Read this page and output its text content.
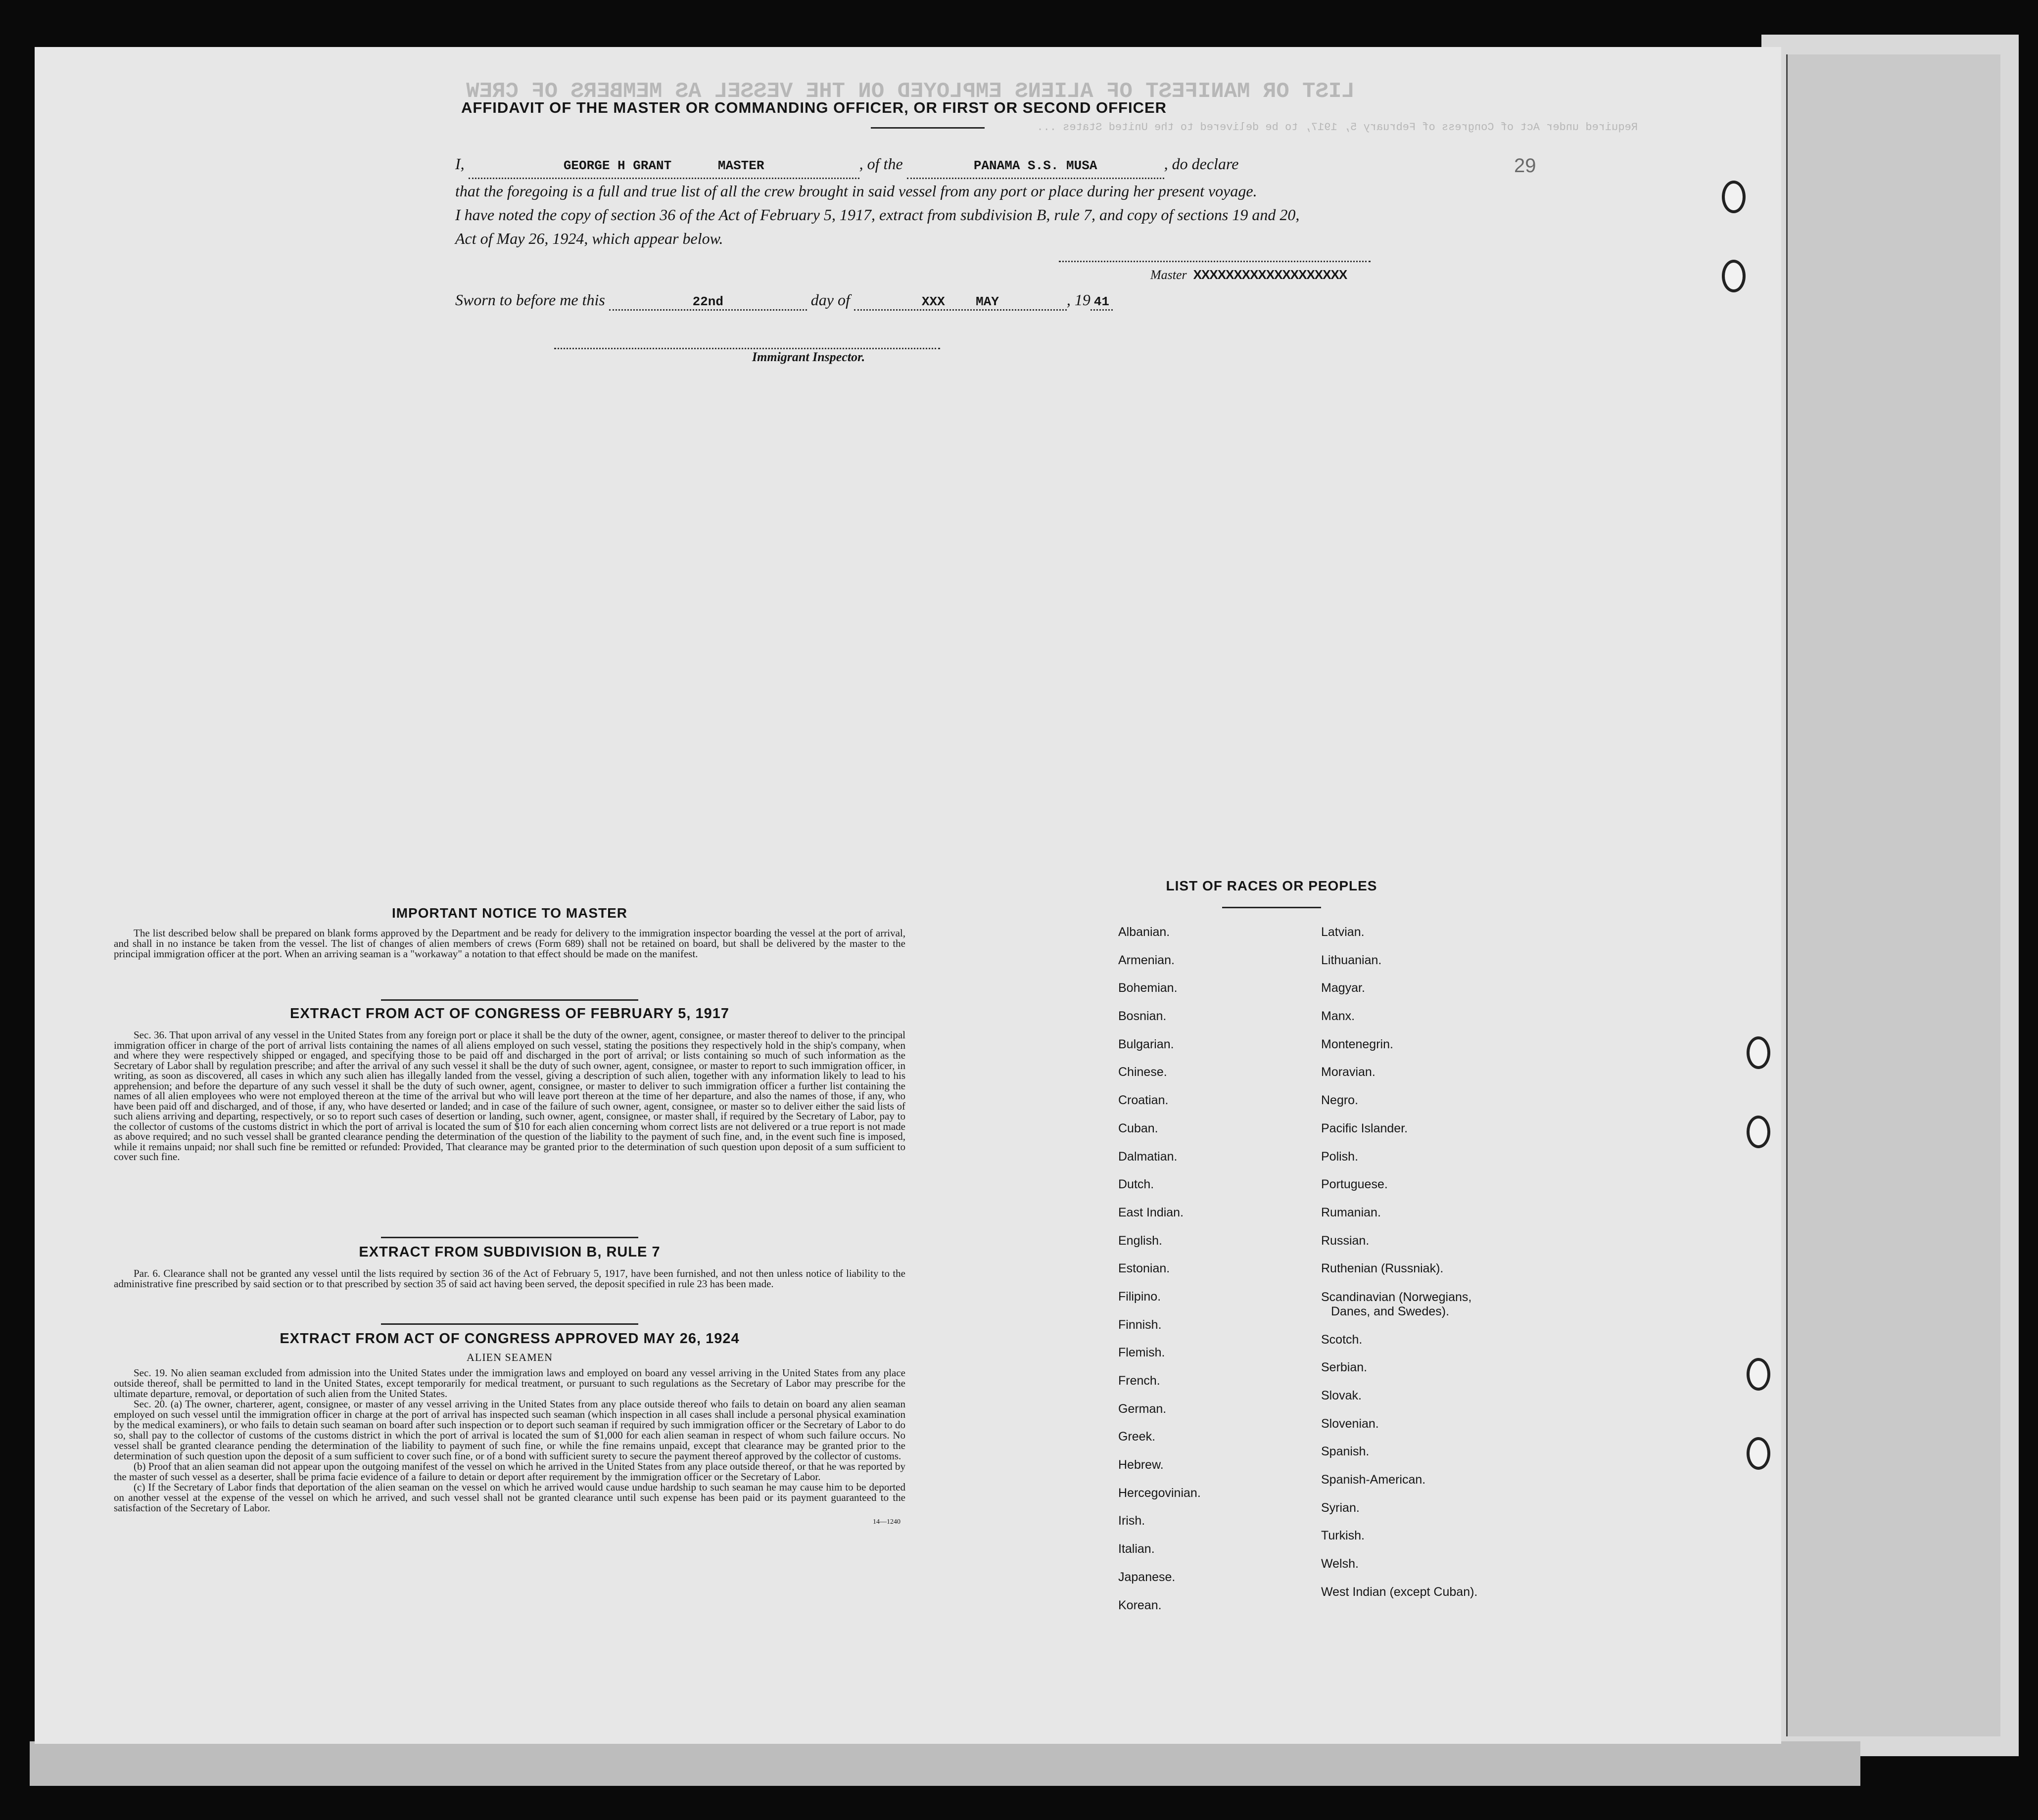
LIST OR MANIFEST OF ALIENS EMPLOYED ON THE VESSEL AS MEMBERS OF CREW
Required under Act of Congress of February 5, 1917, to be delivered to the United States ...
29
AFFIDAVIT OF THE MASTER OR COMMANDING OFFICER, OR FIRST OR SECOND OFFICER
I,	GEORGE H GRANT	MASTER	, of the	PANAMA S.S. MUSA	, do declare
that the foregoing is a full and true list of all the crew brought in said vessel from any port or place during her present voyage.
I have noted the copy of section 36 of the Act of February 5, 1917, extract from subdivision B, rule 7, and copy of sections 19 and 20,
Act of May 26, 1924, which appear below.
Master XXXXXXXXXXXXXXXXXXX
Sworn to before me this	22nd	day of	XXX MAY	, 19 41
Immigrant Inspector.
IMPORTANT NOTICE TO MASTER
The list described below shall be prepared on blank forms approved by the Department and be ready for delivery to the immigration inspector boarding the vessel at the port of arrival, and shall in no instance be taken from the vessel. The list of changes of alien members of crews (Form 689) shall not be retained on board, but shall be delivered by the master to the principal immigration officer at the port. When an arriving seaman is a "workaway" a notation to that effect should be made on the manifest.
EXTRACT FROM ACT OF CONGRESS OF FEBRUARY 5, 1917
Sec. 36. That upon arrival of any vessel in the United States from any foreign port or place it shall be the duty of the owner, agent, consignee, or master thereof to deliver to the principal immigration officer in charge of the port of arrival lists containing the names of all aliens employed on such vessel, stating the positions they respectively hold in the ship's company, when and where they were respectively shipped or engaged, and specifying those to be paid off and discharged in the port of arrival; or lists containing so much of such information as the Secretary of Labor shall by regulation prescribe; and after the arrival of any such vessel it shall be the duty of such owner, agent, consignee, or master to report to such immigration officer, in writing, as soon as discovered, all cases in which any such alien has illegally landed from the vessel, giving a description of such alien, together with any information likely to lead to his apprehension; and before the departure of any such vessel it shall be the duty of such owner, agent, consignee, or master to deliver to such immigration officer a further list containing the names of all alien employees who were not employed thereon at the time of the arrival but who will leave port thereon at the time of her departure, and also the names of those, if any, who have been paid off and discharged, and of those, if any, who have deserted or landed; and in case of the failure of such owner, agent, consignee, or master so to deliver either the said lists of such aliens arriving and departing, respectively, or so to report such cases of desertion or landing, such owner, agent, consignee, or master shall, if required by the Secretary of Labor, pay to the collector of customs of the customs district in which the port of arrival is located the sum of $10 for each alien concerning whom correct lists are not delivered or a true report is not made as above required; and no such vessel shall be granted clearance pending the determination of the question of the liability to the payment of such fine, and, in the event such fine is imposed, while it remains unpaid; nor shall such fine be remitted or refunded: Provided, That clearance may be granted prior to the determination of such question upon deposit of a sum sufficient to cover such fine.
EXTRACT FROM SUBDIVISION B, RULE 7
Par. 6. Clearance shall not be granted any vessel until the lists required by section 36 of the Act of February 5, 1917, have been furnished, and not then unless notice of liability to the administrative fine prescribed by said section or to that prescribed by section 35 of said act having been served, the deposit specified in rule 23 has been made.
EXTRACT FROM ACT OF CONGRESS APPROVED MAY 26, 1924
ALIEN SEAMEN
Sec. 19. No alien seaman excluded from admission into the United States under the immigration laws and employed on board any vessel arriving in the United States from any place outside thereof, shall be permitted to land in the United States, except temporarily for medical treatment, or pursuant to such regulations as the Secretary of Labor may prescribe for the ultimate departure, removal, or deportation of such alien from the United States.
Sec. 20. (a) The owner, charterer, agent, consignee, or master of any vessel arriving in the United States from any place outside thereof who fails to detain on board any alien seaman employed on such vessel until the immigration officer in charge at the port of arrival has inspected such seaman (which inspection in all cases shall include a personal physical examination by the medical examiners), or who fails to detain such seaman on board after such inspection or to deport such seaman if required by such immigration officer or the Secretary of Labor to do so, shall pay to the collector of customs of the customs district in which the port of arrival is located the sum of $1,000 for each alien seaman in respect of whom such failure occurs. No vessel shall be granted clearance pending the determination of the liability to payment of such fine, or while the fine remains unpaid, except that clearance may be granted prior to the determination of such question upon the deposit of a sum sufficient to cover such fine, or of a bond with sufficient surety to secure the payment thereof approved by the collector of customs.
(b) Proof that an alien seaman did not appear upon the outgoing manifest of the vessel on which he arrived in the United States from any place outside thereof, or that he was reported by the master of such vessel as a deserter, shall be prima facie evidence of a failure to detain or deport after requirement by the immigration officer or the Secretary of Labor.
(c) If the Secretary of Labor finds that deportation of the alien seaman on the vessel on which he arrived would cause undue hardship to such seaman he may cause him to be deported on another vessel at the expense of the vessel on which he arrived, and such vessel shall not be granted clearance until such expense has been paid or its payment guaranteed to the satisfaction of the Secretary of Labor.
14—1240
LIST OF RACES OR PEOPLES
Albanian.
Armenian.
Bohemian.
Bosnian.
Bulgarian.
Chinese.
Croatian.
Cuban.
Dalmatian.
Dutch.
East Indian.
English.
Estonian.
Filipino.
Finnish.
Flemish.
French.
German.
Greek.
Hebrew.
Hercegovinian.
Irish.
Italian.
Japanese.
Korean.
Latvian.
Lithuanian.
Magyar.
Manx.
Montenegrin.
Moravian.
Negro.
Pacific Islander.
Polish.
Portuguese.
Rumanian.
Russian.
Ruthenian (Russniak).
Scandinavian (Norwegians,
Danes, and Swedes).
Scotch.
Serbian.
Slovak.
Slovenian.
Spanish.
Spanish-American.
Syrian.
Turkish.
Welsh.
West Indian (except Cuban).
